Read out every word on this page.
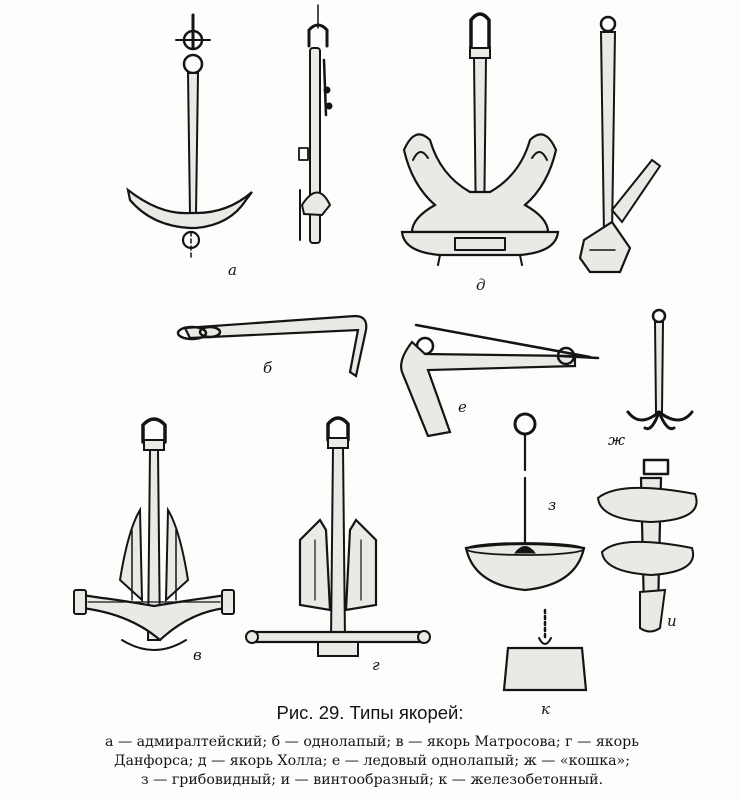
а
д
б
е
ж
в
г
з
и
к
Рис. 29. Типы якорей:
а — адмиралтейский; б — однолапый; в — якорь Матросова; г — якорь
Данфорса; д — якорь Холла; е — ледовый однолапый; ж — «кошка»;
з — грибовидный; и — винтообразный; к — железобетонный.
